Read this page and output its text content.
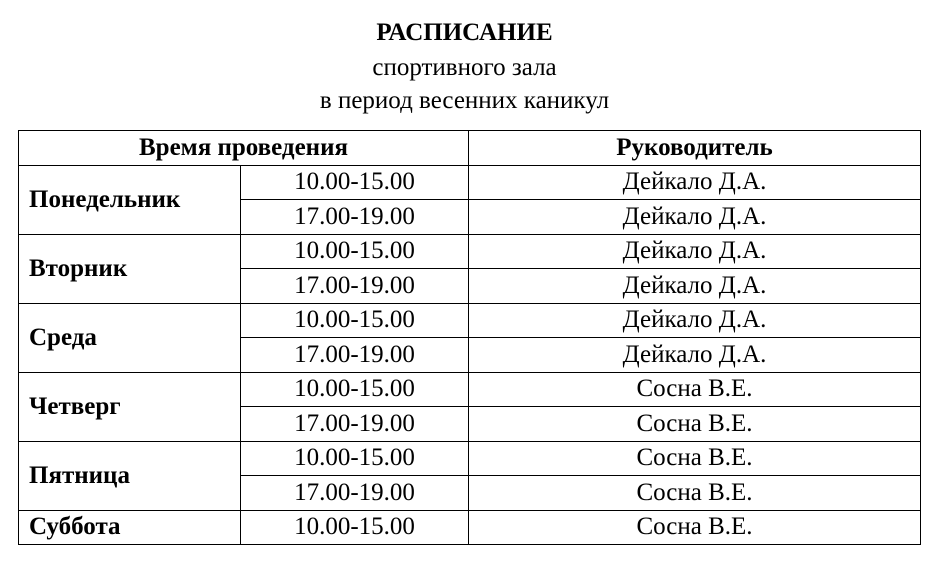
РАСПИСАНИЕ
спортивного зала
в период весенних каникул
Время проведения		Руководитель
Понедельник	10.00-15.00	Дейкало Д.А.
	17.00-19.00	Дейкало Д.А.
Вторник	10.00-15.00	Дейкало Д.А.
	17.00-19.00	Дейкало Д.А.
Среда	10.00-15.00	Дейкало Д.А.
	17.00-19.00	Дейкало Д.А.
Четверг	10.00-15.00	Сосна В.Е.
	17.00-19.00	Сосна В.Е.
Пятница	10.00-15.00	Сосна В.Е.
	17.00-19.00	Сосна В.Е.
Суббота	10.00-15.00	Сосна В.Е.
